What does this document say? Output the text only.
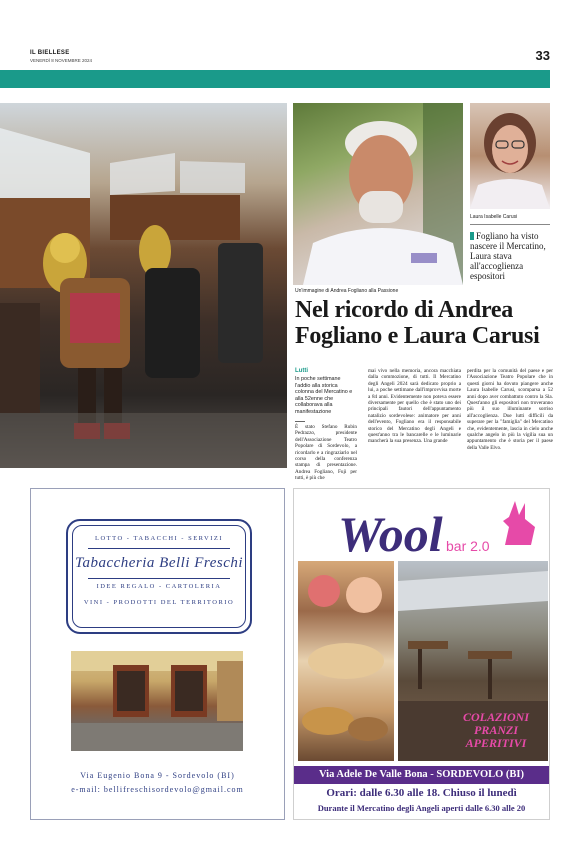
IL BIELLESE
VENERDÌ 8 NOVEMBRE 2024	33
Un'immagine di Andrea Fogliano alla Passione
Laura Isabelle Carusi
Fogliano ha visto nascere il Mercatino, Laura stava all'accoglienza espositori
Nel ricordo di Andrea Fogliano e Laura Carusi
Lutti
In poche settimane l'addio alla storica colonna del Mercatino e alla 52enne che collaborava alla manifestazione
È stato Stefano Rubin Pedrazzo, presidente dell'Associazione Teatro Popolare di Sordevolo, a ricordarlo e a ringraziarlo nel corso della conferenza stampa di presentazione. Andrea Fogliano, Fuji per tutti, è più che
mai vivo nella memoria, ancora macchiata dalla commozione, di tutti. Il Mercatino degli Angeli 2024 sarà dedicato proprio a lui, a poche settimane dall'improvvisa morte a 84 anni. Evidentemente non poteva essere diversamente per quello che è stato uno dei principali fautori dell'appuntamento natalizio sordevolese: animatore per anni dell'evento, Fogliano era il responsabile storico del Mercatino degli Angeli e quest'anno tra le bancarelle e le luminarie mancherà la sua presenza. Una grande
perdita per la comunità del paese e per l'Associazione Teatro Popolare che in questi giorni ha dovuto piangere anche Laura Isabelle Carusi, scomparsa a 52 anni dopo aver combattuto contro la Sla. Quest'anno gli espositori non troveranno più il suo illuminante sorriso all'accoglienza. Due lutti difficili da superare per la "famiglia" del Mercatino che, evidentemente, lascia in cielo anche qualche angelo in più la vigilia sua un appuntamento che è storia per il paese della Valle Elvo.
LOTTO - TABACCHI - SERVIZI
Tabaccheria Belli Freschi
IDEE REGALO - CARTOLERIA
VINI - PRODOTTI DEL TERRITORIO
Via Eugenio Bona 9 - Sordevolo (BI)
e-mail: bellifreschisordevolo@gmail.com
Wool bar 2.0
COLAZIONI
PRANZI
APERITIVI
Via Adele De Valle Bona - SORDEVOLO (BI)
Orari: dalle 6.30 alle 18. Chiuso il lunedì
Durante il Mercatino degli Angeli aperti dalle 6.30 alle 20
